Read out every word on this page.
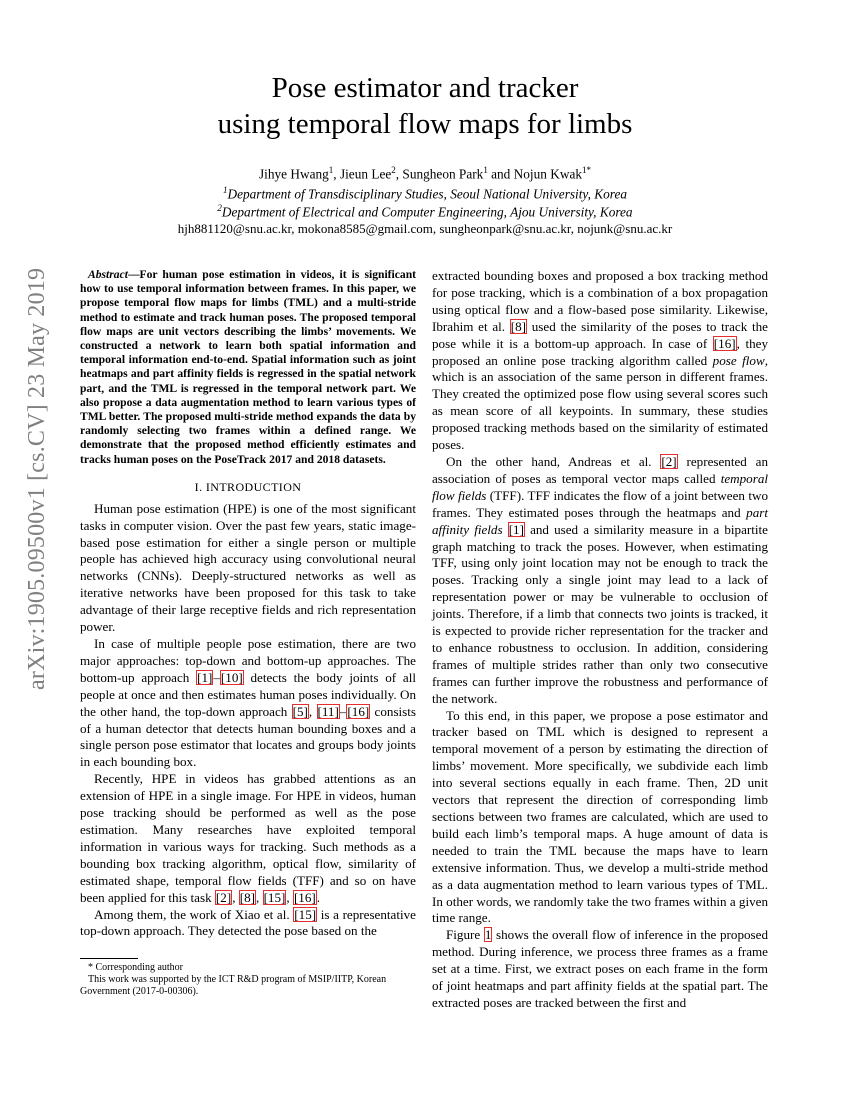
arXiv:1905.09500v1 [cs.CV] 23 May 2019
Pose estimator and tracker
using temporal flow maps for limbs
Jihye Hwang$^1$, Jieun Lee$^2$, Sungheon Park$^1$ and Nojun Kwak$^{1*}$
$^1$Department of Transdisciplinary Studies, Seoul National University, Korea
$^2$Department of Electrical and Computer Engineering, Ajou University, Korea
hjh881120@snu.ac.kr, mokona8585@gmail.com, sungheonpark@snu.ac.kr, nojunk@snu.ac.kr

Abstract—For human pose estimation in videos, it is significant how to use temporal information between frames. In this paper, we propose temporal flow maps for limbs (TML) and a multi-stride method to estimate and track human poses. The proposed temporal flow maps are unit vectors describing the limbs’ movements. We constructed a network to learn both spatial information and temporal information end-to-end. Spatial information such as joint heatmaps and part affinity fields is regressed in the spatial network part, and the TML is regressed in the temporal network part. We also propose a data augmentation method to learn various types of TML better. The proposed multi-stride method expands the data by randomly selecting two frames within a defined range. We demonstrate that the proposed method efficiently estimates and tracks human poses on the PoseTrack 2017 and 2018 datasets.

I. INTRODUCTION

Human pose estimation (HPE) is one of the most significant tasks in computer vision. Over the past few years, static image-based pose estimation for either a single person or multiple people has achieved high accuracy using convolutional neural networks (CNNs). Deeply-structured networks as well as iterative networks have been proposed for this task to take advantage of their large receptive fields and rich representation power.

In case of multiple people pose estimation, there are two major approaches: top-down and bottom-up approaches. The bottom-up approach [1]–[10] detects the body joints of all people at once and then estimates human poses individually. On the other hand, the top-down approach [5], [11]–[16] consists of a human detector that detects human bounding boxes and a single person pose estimator that locates and groups body joints in each bounding box.

Recently, HPE in videos has grabbed attentions as an extension of HPE in a single image. For HPE in videos, human pose tracking should be performed as well as the pose estimation. Many researches have exploited temporal information in various ways for tracking. Such methods as a bounding box tracking algorithm, optical flow, similarity of estimated shape, temporal flow fields (TFF) and so on have been applied for this task [2], [8], [15], [16].

Among them, the work of Xiao et al. [15] is a representative top-down approach. They detected the pose based on the

* Corresponding author
This work was supported by the ICT R&D program of MSIP/IITP, Korean Government (2017-0-00306).

extracted bounding boxes and proposed a box tracking method for pose tracking, which is a combination of a box propagation using optical flow and a flow-based pose similarity. Likewise, Ibrahim et al. [8] used the similarity of the poses to track the pose while it is a bottom-up approach. In case of [16], they proposed an online pose tracking algorithm called pose flow, which is an association of the same person in different frames. They created the optimized pose flow using several scores such as mean score of all keypoints. In summary, these studies proposed tracking methods based on the similarity of estimated poses.

On the other hand, Andreas et al. [2] represented an association of poses as temporal vector maps called temporal flow fields (TFF). TFF indicates the flow of a joint between two frames. They estimated poses through the heatmaps and part affinity fields [1] and used a similarity measure in a bipartite graph matching to track the poses. However, when estimating TFF, using only joint location may not be enough to track the poses. Tracking only a single joint may lead to a lack of representation power or may be vulnerable to occlusion of joints. Therefore, if a limb that connects two joints is tracked, it is expected to provide richer representation for the tracker and to enhance robustness to occlusion. In addition, considering frames of multiple strides rather than only two consecutive frames can further improve the robustness and performance of the network.

To this end, in this paper, we propose a pose estimator and tracker based on TML which is designed to represent a temporal movement of a person by estimating the direction of limbs’ movement. More specifically, we subdivide each limb into several sections equally in each frame. Then, 2D unit vectors that represent the direction of corresponding limb sections between two frames are calculated, which are used to build each limb’s temporal maps. A huge amount of data is needed to train the TML because the maps have to learn extensive information. Thus, we develop a multi-stride method as a data augmentation method to learn various types of TML. In other words, we randomly take the two frames within a given time range.

Figure 1 shows the overall flow of inference in the proposed method. During inference, we process three frames as a frame set at a time. First, we extract poses on each frame in the form of joint heatmaps and part affinity fields at the spatial part. The extracted poses are tracked between the first and
